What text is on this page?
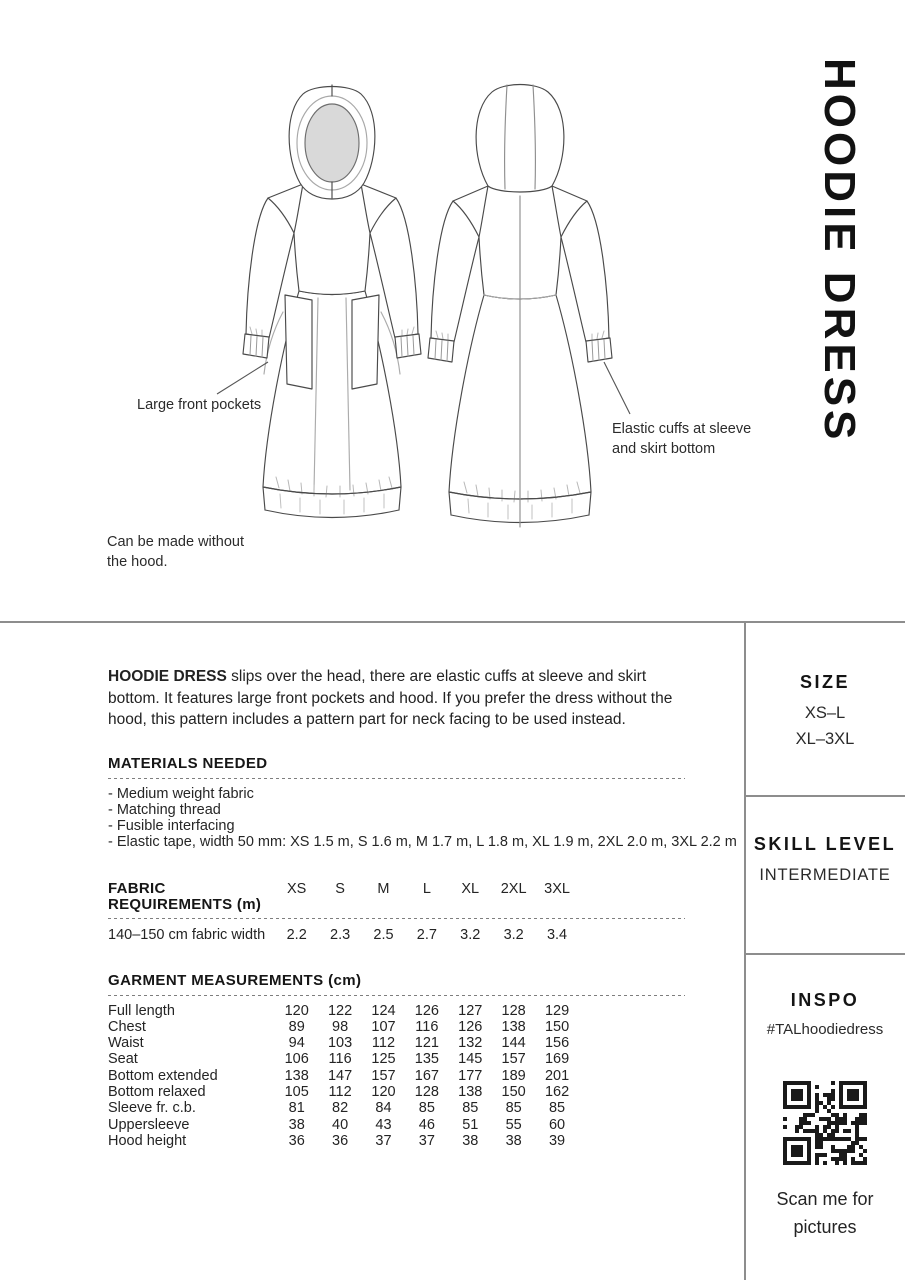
Large front pockets
Elastic cuffs at sleeve
and skirt bottom
Can be made without
the hood.
HOODIE DRESS

HOODIE DRESS slips over the head, there are elastic cuffs at sleeve and skirt bottom. It features large front pockets and hood. If you prefer the dress without the hood, this pattern includes a pattern part for neck facing to be used instead.

MATERIALS NEEDED
- Medium weight fabric
- Matching thread
- Fusible interfacing
- Elastic tape, width 50 mm: XS 1.5 m, S 1.6 m, M 1.7 m, L 1.8 m, XL 1.9 m, 2XL 2.0 m, 3XL 2.2 m
FABRIC REQUIREMENTS (m)
XS	S	M	L	XL	2XL	3XL
140–150 cm fabric width	2.2	2.3	2.5	2.7	3.2	3.2	3.4
GARMENT MEASUREMENTS (cm)
Full length	120	122	124	126	127	128	129
Chest	89	98	107	116	126	138	150
Waist	94	103	112	121	132	144	156
Seat	106	116	125	135	145	157	169
Bottom extended	138	147	157	167	177	189	201
Bottom relaxed	105	112	120	128	138	150	162
Sleeve fr. c.b.	81	82	84	85	85	85	85
Uppersleeve	38	40	43	46	51	55	60
Hood height	36	36	37	37	38	38	39
SIZE
XS–L
XL–3XL
SKILL LEVEL
INTERMEDIATE
INSPO
#TALhoodiedress
Scan me for
pictures
